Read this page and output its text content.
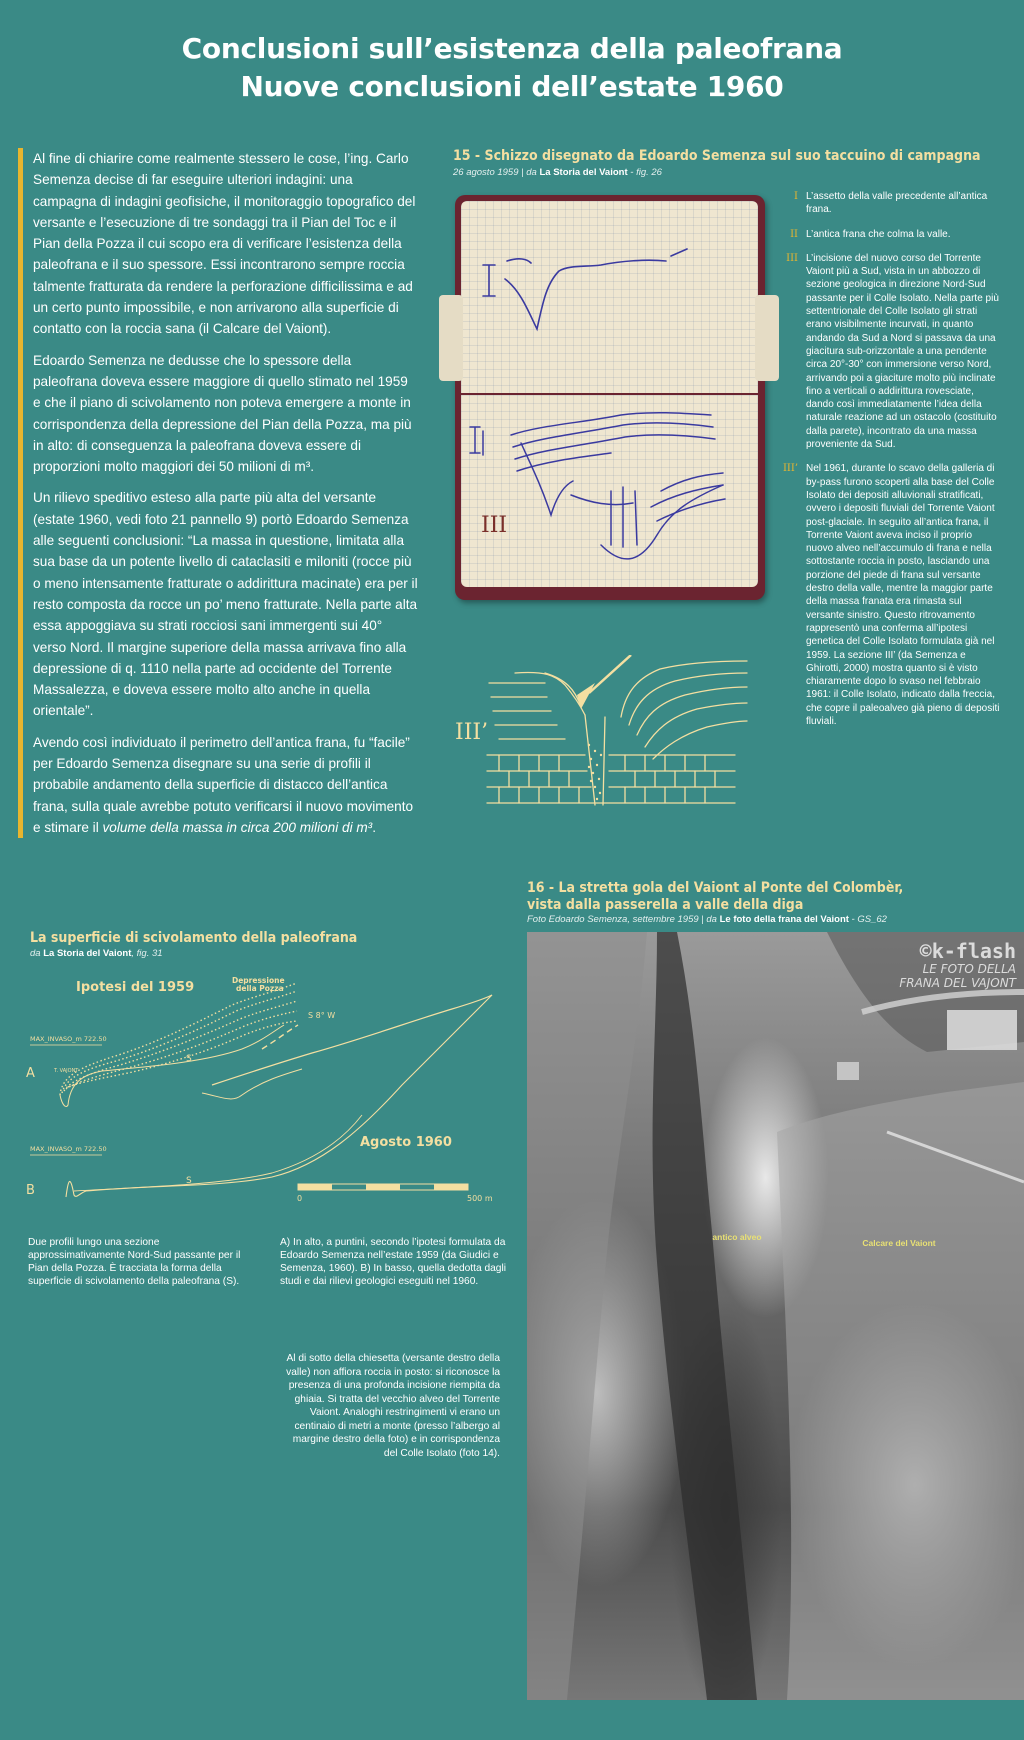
Conclusioni sull’esistenza della paleofrana
Nuove conclusioni dell’estate 1960

Al fine di chiarire come realmente stessero le cose, l’ing. Carlo Semenza decise di far eseguire ulteriori indagini: una campagna di indagini geofisiche, il monitoraggio topografico del versante e l’esecuzione di tre sondaggi tra il Pian del Toc e il Pian della Pozza il cui scopo era di verificare l’esistenza della paleofrana e il suo spessore. Essi incontrarono sempre roccia talmente fratturata da rendere la perforazione difficilissima e ad un certo punto impossibile, e non arrivarono alla superficie di contatto con la roccia sana (il Calcare del Vaiont).

Edoardo Semenza ne dedusse che lo spessore della paleofrana doveva essere maggiore di quello stimato nel 1959 e che il piano di scivolamento non poteva emergere a monte in corrispondenza della depressione del Pian della Pozza, ma più in alto: di conseguenza la paleofrana doveva essere di proporzioni molto maggiori dei 50 milioni di m³.

Un rilievo speditivo esteso alla parte più alta del versante (estate 1960, vedi foto 21 pannello 9) portò Edoardo Semenza alle seguenti conclusioni: “La massa in questione, limitata alla sua base da un potente livello di cataclasiti e miloniti (rocce più o meno intensamente fratturate o addirittura macinate) era per il resto composta da rocce un po’ meno fratturate. Nella parte alta essa appoggiava su strati rocciosi sani immergenti sui 40° verso Nord. Il margine superiore della massa arrivava fino alla depressione di q. 1110 nella parte ad occidente del Torrente Massalezza, e doveva essere molto alto anche in quella orientale”.

Avendo così individuato il perimetro dell’antica frana, fu “facile” per Edoardo Semenza disegnare su una serie di profili il probabile andamento della superficie di distacco dell’antica frana, sulla quale avrebbe potuto verificarsi il nuovo movimento e stimare il volume della massa in circa 200 milioni di m³.

15 - Schizzo disegnato da Edoardo Semenza sul suo taccuino di campagna
26 agosto 1959 | da La Storia del Vaiont - fig. 26
III
III’
I L’assetto della valle precedente all’antica frana.
II L’antica frana che colma la valle.
III L’incisione del nuovo corso del Torrente Vaiont più a Sud, vista in un abbozzo di sezione geologica in direzione Nord-Sud passante per il Colle Isolato. Nella parte più settentrionale del Colle Isolato gli strati erano visibilmente incurvati, in quanto andando da Sud a Nord si passava da una giacitura sub-orizzontale a una pendente circa 20°-30° con immersione verso Nord, arrivando poi a giaciture molto più inclinate fino a verticali o addirittura rovesciate, dando così immediatamente l’idea della naturale reazione ad un ostacolo (costituito dalla parete), incontrato da una massa proveniente da Sud.
III’ Nel 1961, durante lo scavo della galleria di by-pass furono scoperti alla base del Colle Isolato dei depositi alluvionali stratificati, ovvero i depositi fluviali del Torrente Vaiont post-glaciale. In seguito all’antica frana, il Torrente Vaiont aveva inciso il proprio nuovo alveo nell’accumulo di frana e nella sottostante roccia in posto, lasciando una porzione del piede di frana sul versante destro della valle, mentre la maggior parte della massa franata era rimasta sul versante sinistro. Questo ritrovamento rappresentò una conferma all’ipotesi genetica del Colle Isolato formulata già nel 1959. La sezione III’ (da Semenza e Ghirotti, 2000) mostra quanto si è visto chiaramente dopo lo svaso nel febbraio 1961: il Colle Isolato, indicato dalla freccia, che copre il paleoalveo già pieno di depositi fluviali.
16 - La stretta gola del Vaiont al Ponte del Colombèr,
vista dalla passerella a valle della diga
Foto Edoardo Semenza, settembre 1959 | da Le foto della frana del Vaiont - GS_62
antico alveo
Calcare del Vaiont
©k-flash
LE FOTO DELLA
FRANA DEL VAJONT
La superficie di scivolamento della paleofrana
da La Storia del Vaiont, fig. 31
Ipotesi del 1959	Depressione
della Pozza
S 8° W
MAX_INVASO_m 722.50
T. VAJONT
MAX_INVASO_m 722.50
S
S
A
B
Agosto 1960
0	500 m
Due profili lungo una sezione approssimativamente Nord-Sud passante per il Pian della Pozza. È tracciata la forma della superficie di scivolamento della paleofrana (S).
A) In alto, a puntini, secondo l’ipotesi formulata da Edoardo Semenza nell’estate 1959 (da Giudici e Semenza, 1960). B) In basso, quella dedotta dagli studi e dai rilievi geologici eseguiti nel 1960.
Al di sotto della chiesetta (versante destro della valle) non affiora roccia in posto: si riconosce la presenza di una profonda incisione riempita da ghiaia. Si tratta del vecchio alveo del Torrente Vaiont. Analoghi restringimenti vi erano un centinaio di metri a monte (presso l’albergo al margine destro della foto) e in corrispondenza del Colle Isolato (foto 14).
